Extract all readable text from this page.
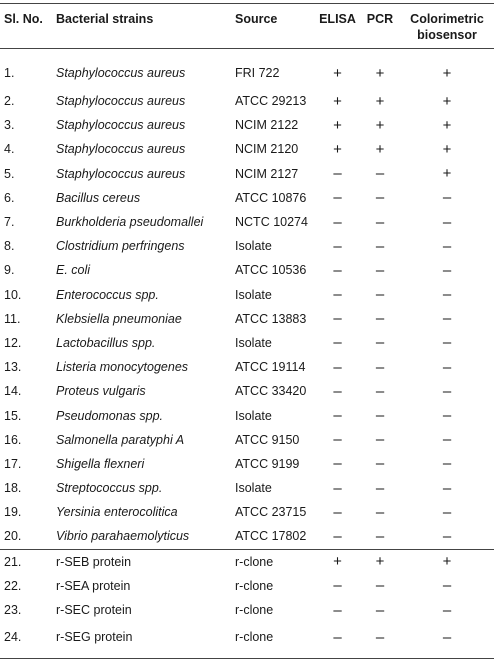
Sl. No.	Bacterial strains	Source	ELISA	PCR	Colorimetric biosensor
1.	Staphylococcus aureus	FRI 722	+	+	+
2.	Staphylococcus aureus	ATCC 29213	+	+	+
3.	Staphylococcus aureus	NCIM 2122	+	+	+
4.	Staphylococcus aureus	NCIM 2120	+	+	+
5.	Staphylococcus aureus	NCIM 2127	–	–	+
6.	Bacillus cereus	ATCC 10876	–	–	–
7.	Burkholderia pseudomallei	NCTC 10274	–	–	–
8.	Clostridium perfringens	Isolate	–	–	–
9.	E. coli	ATCC 10536	–	–	–
10.	Enterococcus spp.	Isolate	–	–	–
11.	Klebsiella pneumoniae	ATCC 13883	–	–	–
12.	Lactobacillus spp.	Isolate	–	–	–
13.	Listeria monocytogenes	ATCC 19114	–	–	–
14.	Proteus vulgaris	ATCC 33420	–	–	–
15.	Pseudomonas spp.	Isolate	–	–	–
16.	Salmonella paratyphi A	ATCC 9150	–	–	–
17.	Shigella flexneri	ATCC 9199	–	–	–
18.	Streptococcus spp.	Isolate	–	–	–
19.	Yersinia enterocolitica	ATCC 23715	–	–	–
20.	Vibrio parahaemolyticus	ATCC 17802	–	–	–
21.	r-SEB protein	r-clone	+	+	+
22.	r-SEA protein	r-clone	–	–	–
23.	r-SEC protein	r-clone	–	–	–
24.	r-SEG protein	r-clone	–	–	–
